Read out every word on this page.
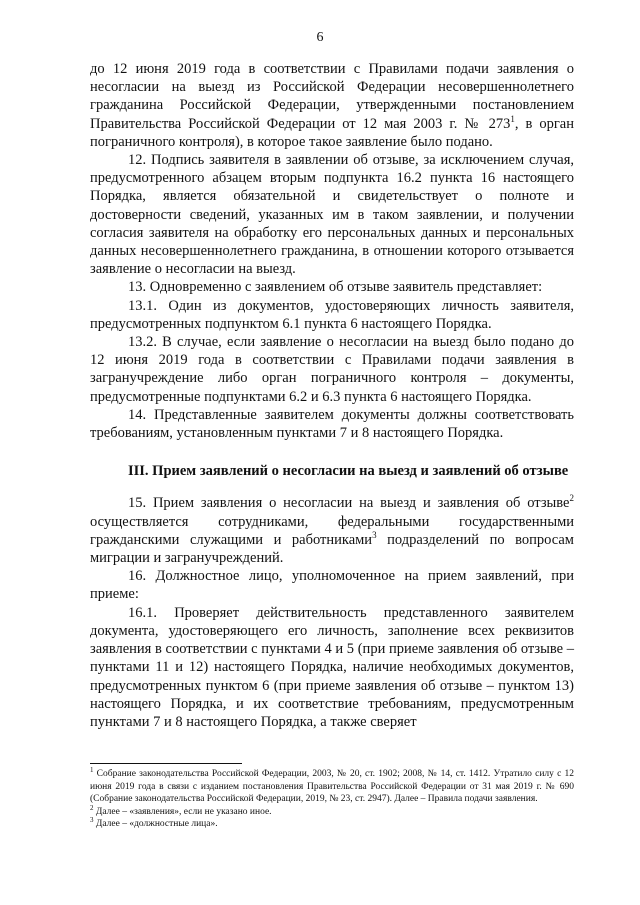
6

до 12 июня 2019 года в соответствии с Правилами подачи заявления о несогласии на выезд из Российской Федерации несовершеннолетнего гражданина Российской Федерации, утвержденными постановлением Правительства Российской Федерации от 12 мая 2003 г. № $273^1$, в орган пограничного контроля), в которое такое заявление было подано.

12. Подпись заявителя в заявлении об отзыве, за исключением случая, предусмотренного абзацем вторым подпункта 16.2 пункта 16 настоящего Порядка, является обязательной и свидетельствует о полноте и достоверности сведений, указанных им в таком заявлении, и получении согласия заявителя на обработку его персональных данных и персональных данных несовершеннолетнего гражданина, в отношении которого отзывается заявление о несогласии на выезд.

13. Одновременно с заявлением об отзыве заявитель представляет:

13.1. Один из документов, удостоверяющих личность заявителя, предусмотренных подпунктом 6.1 пункта 6 настоящего Порядка.

13.2. В случае, если заявление о несогласии на выезд было подано до 12 июня 2019 года в соответствии с Правилами подачи заявления в загранучреждение либо орган пограничного контроля – документы, предусмотренные подпунктами 6.2 и 6.3 пункта 6 настоящего Порядка.

14. Представленные заявителем документы должны соответствовать требованиям, установленным пунктами 7 и 8 настоящего Порядка.

III. Прием заявлений о несогласии на выезд и заявлений об отзыве

15. Прием заявления о несогласии на выезд и заявления об отзыве$^2$ осуществляется сотрудниками, федеральными государственными гражданскими служащими и работниками$^3$ подразделений по вопросам миграции и загранучреждений.

16. Должностное лицо, уполномоченное на прием заявлений, при приеме:

16.1. Проверяет действительность представленного заявителем документа, удостоверяющего его личность, заполнение всех реквизитов заявления в соответствии с пунктами 4 и 5 (при приеме заявления об отзыве – пунктами 11 и 12) настоящего Порядка, наличие необходимых документов, предусмотренных пунктом 6 (при приеме заявления об отзыве – пунктом 13) настоящего Порядка, и их соответствие требованиям, предусмотренным пунктами 7 и 8 настоящего Порядка, а также сверяет

$^1$ Собрание законодательства Российской Федерации, 2003, № 20, ст. 1902; 2008, № 14, ст. 1412. Утратило силу с 12 июня 2019 года в связи с изданием постановления Правительства Российской Федерации от 31 мая 2019 г. № 690 (Собрание законодательства Российской Федерации, 2019, № 23, ст. 2947). Далее – Правила подачи заявления.

$^2$ Далее – «заявления», если не указано иное.

$^3$ Далее – «должностные лица».
